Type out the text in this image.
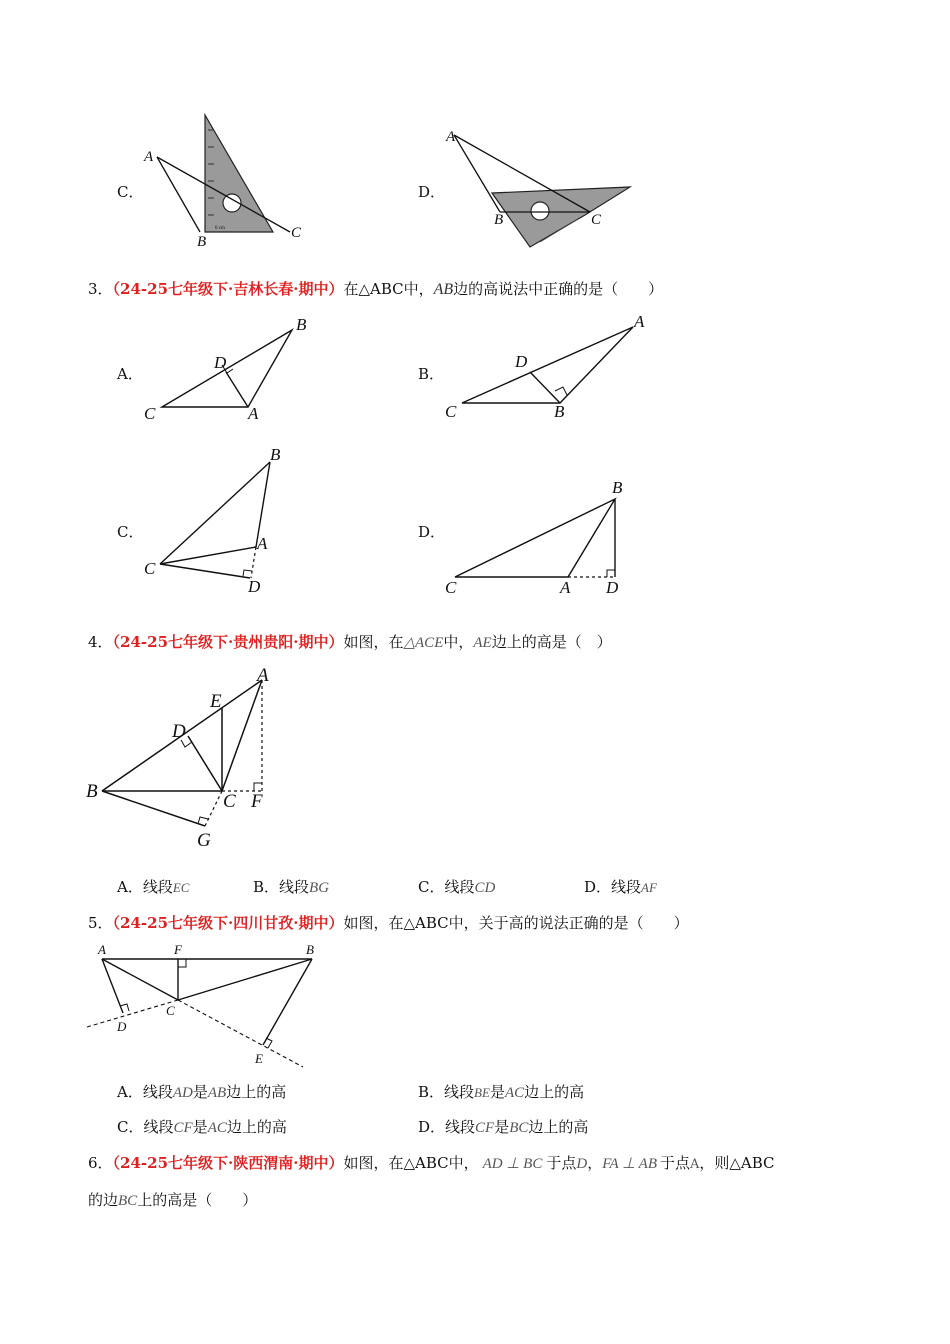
C．
A
B
C
0 cm
D．
A
B	C
3．（24-25七年级下·吉林长春·期中）在△ABC中，AB边的高说法中正确的是（　　）
A．
B
D
C	A
B．
A
D
C	B
C．
B
A
C
D
D．
B
C	A D
4．（24-25七年级下·贵州贵阳·期中）如图，在△ACE中，AE边上的高是（　）
A
E
D
B	C F
G
A．线段EC	B．线段BG	C．线段CD	D．线段AF
5．（24-25七年级下·四川甘孜·期中）如图，在△ABC中，关于高的说法正确的是（　　）
A	F	B
C
D
E
A．线段AD是AB边上的高	B．线段BE是AC边上的高
C．线段CF是AC边上的高	D．线段CF是BC边上的高
6．（24-25七年级下·陕西渭南·期中）如图，在△ABC中， AD ⊥ BC 于点D，FA ⊥ AB 于点A，则△ABC
的边BC上的高是（　　）
